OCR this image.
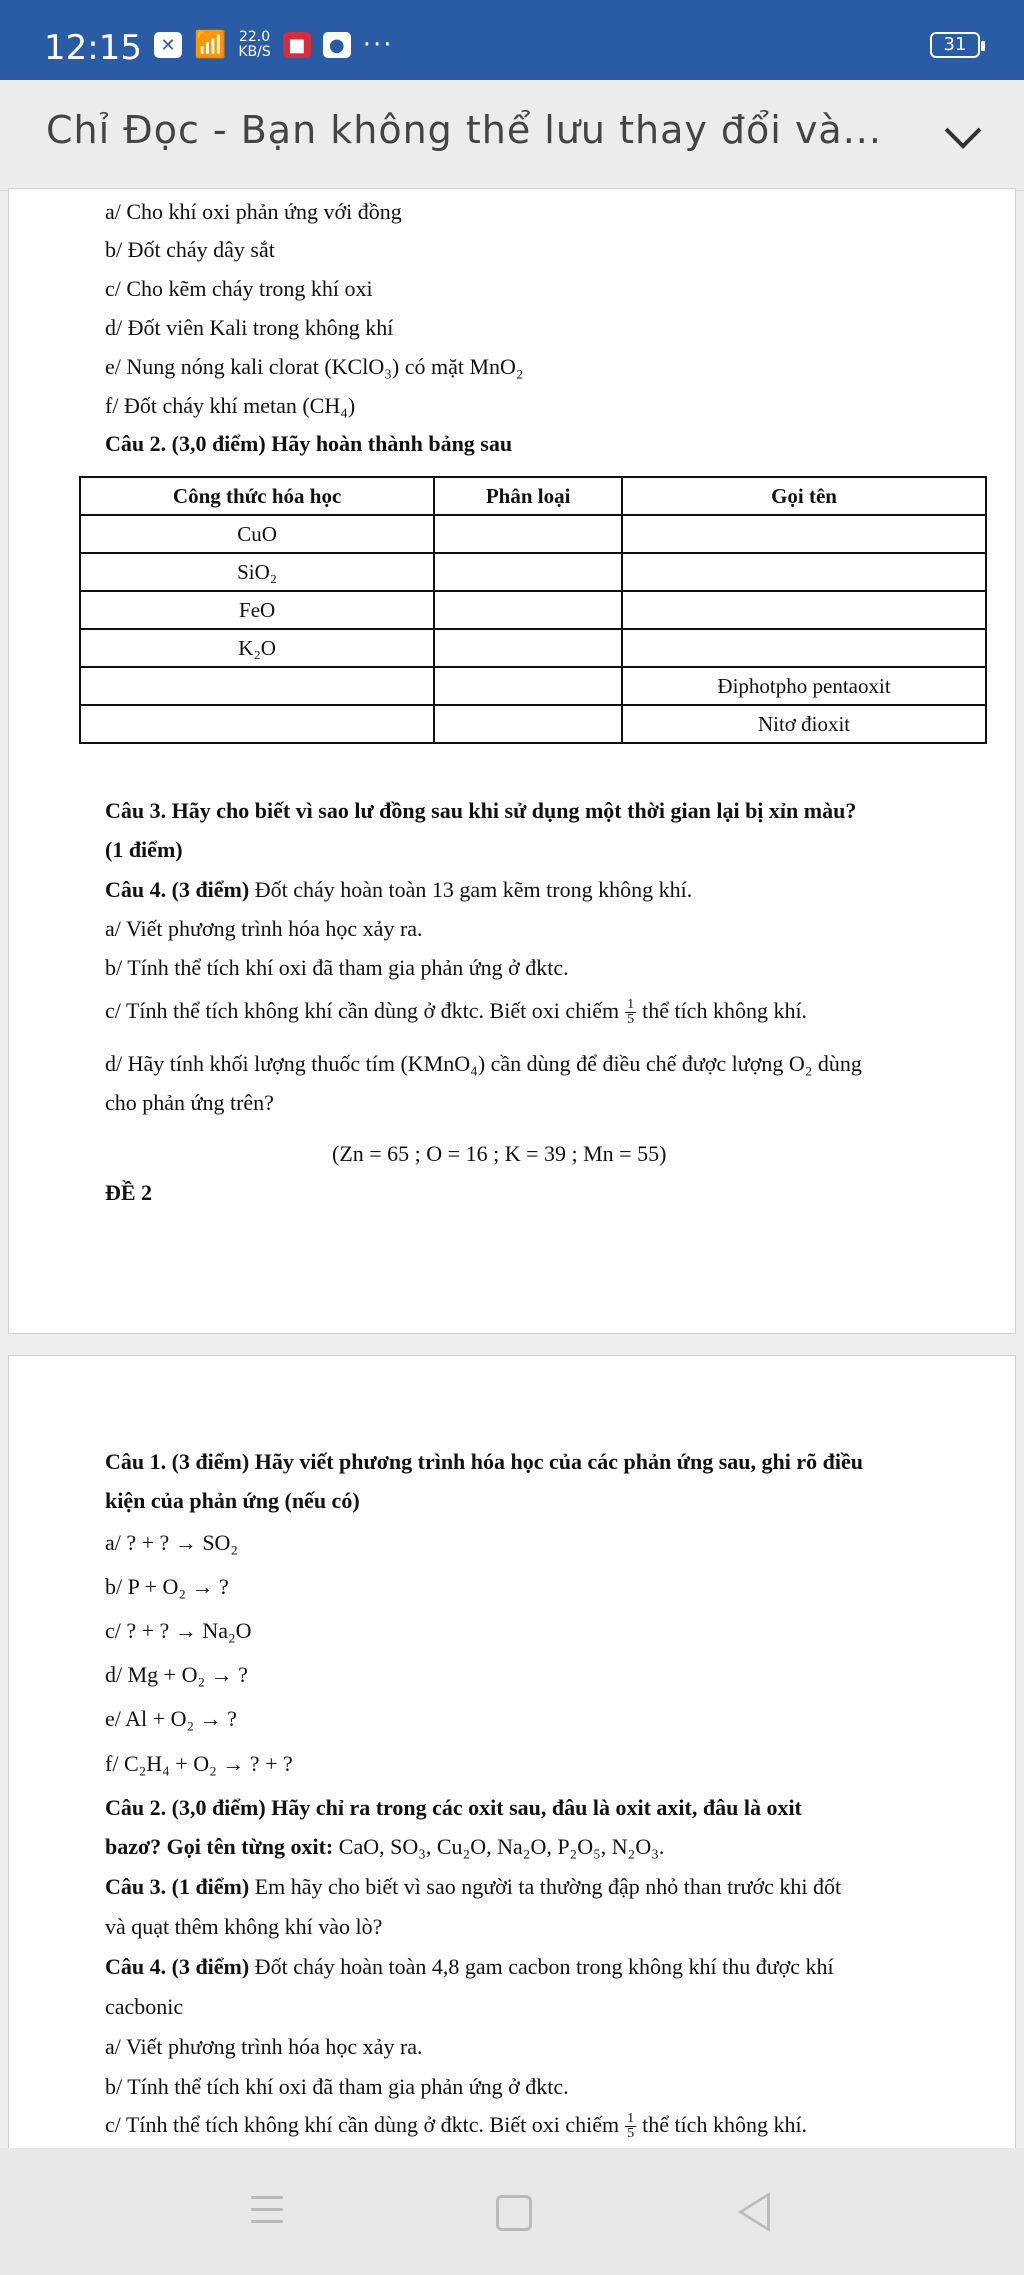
12:15	✕ 📶 22.0
KB/S ■	● ···	31
Chỉ Đọc - Bạn không thể lưu thay đổi và...
a/ Cho khí oxi phản ứng với đồng
b/ Đốt cháy dây sắt
c/ Cho kẽm cháy trong khí oxi
d/ Đốt viên Kali trong không khí
e/ Nung nóng kali clorat (KClO₃) có mặt MnO₂
f/ Đốt cháy khí metan (CH₄)
Câu 2. (3,0 điểm) Hãy hoàn thành bảng sau
Công thức hóa học	Phân loại	Gọi tên
CuO		
SiO₂		
FeO		
K₂O		
		Điphotpho pentaoxit
		Nitơ đioxit
Câu 3. Hãy cho biết vì sao lư đồng sau khi sử dụng một thời gian lại bị xỉn màu?
(1 điểm)
Câu 4. (3 điểm) Đốt cháy hoàn toàn 13 gam kẽm trong không khí.
a/ Viết phương trình hóa học xảy ra.
b/ Tính thể tích khí oxi đã tham gia phản ứng ở đktc.
c/ Tính thể tích không khí cần dùng ở đktc. Biết oxi chiếm $\frac{1}{5}$ thể tích không khí.
d/ Hãy tính khối lượng thuốc tím (KMnO₄) cần dùng để điều chế được lượng O₂ dùng
cho phản ứng trên?
(Zn = 65 ; O = 16 ; K = 39 ; Mn = 55)
ĐỀ 2
Câu 1. (3 điểm) Hãy viết phương trình hóa học của các phản ứng sau, ghi rõ điều
kiện của phản ứng (nếu có)
a/ ? + ? → SO₂
b/ P + O₂ → ?
c/ ? + ? → Na₂O
d/ Mg + O₂ → ?
e/ Al + O₂ → ?
f/ C₂H₄ + O₂ → ? + ?
Câu 2. (3,0 điểm) Hãy chỉ ra trong các oxit sau, đâu là oxit axit, đâu là oxit
bazơ? Gọi tên từng oxit: CaO, SO₃, Cu₂O, Na₂O, P₂O₅, N₂O₃.
Câu 3. (1 điểm) Em hãy cho biết vì sao người ta thường đập nhỏ than trước khi đốt
và quạt thêm không khí vào lò?
Câu 4. (3 điểm) Đốt cháy hoàn toàn 4,8 gam cacbon trong không khí thu được khí
cacbonic
a/ Viết phương trình hóa học xảy ra.
b/ Tính thể tích khí oxi đã tham gia phản ứng ở đktc.
c/ Tính thể tích không khí cần dùng ở đktc. Biết oxi chiếm $\frac{1}{5}$ thể tích không khí.
